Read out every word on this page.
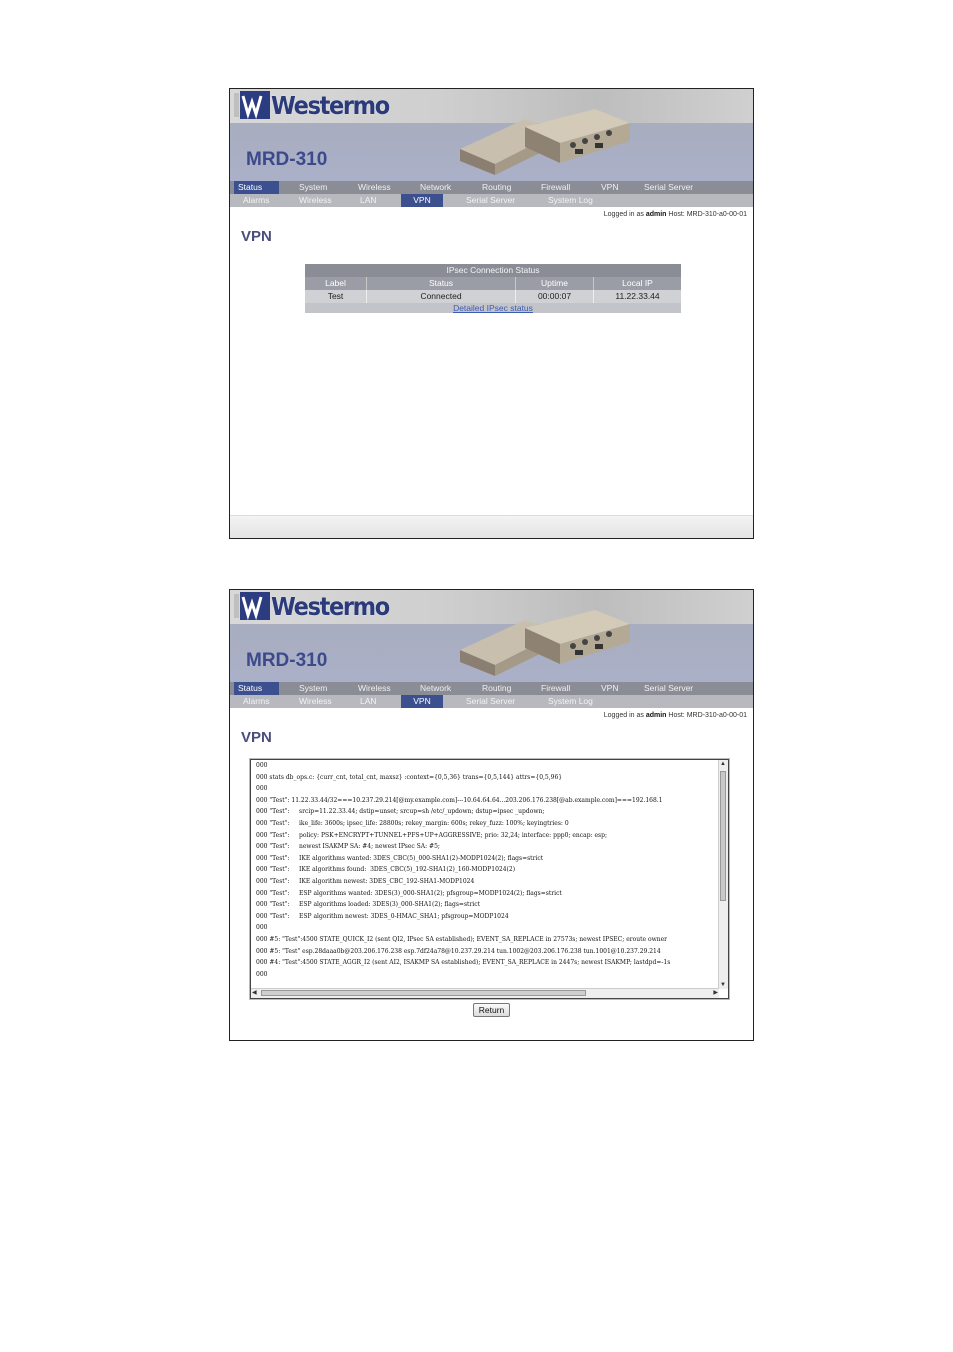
Westermo
MRD-310
Status	System	Wireless	Network	Routing	Firewall	VPN	Serial Server
Alarms	Wireless	LAN	VPN	Serial Server	System Log
Logged in as admin Host: MRD-310-a0-00-01
VPN
IPsec Connection Status
Label	Status	Uptime	Local IP
Test	Connected	00:00:07	11.22.33.44
Detailed IPsec status
Westermo
MRD-310
Status	System	Wireless	Network	Routing	Firewall	VPN	Serial Server
Alarms	Wireless	LAN	VPN	Serial Server	System Log
Logged in as admin Host: MRD-310-a0-00-01
VPN
000
000 stats db_ops.c: {curr_cnt, total_cnt, maxsz} :context={0,5,36} trans={0,5,144} attrs={0,5,96}
000
000 "Test": 11.22.33.44/32===10.237.29.214[@my.example.com]---10.64.64.64...203.206.176.238[@ab.example.com]===192.168.1
000 "Test":     srcip=11.22.33.44; dstip=unset; srcup=sh /etc/_updown; dstup=ipsec _updown;
000 "Test":     ike_life: 3600s; ipsec_life: 28800s; rekey_margin: 600s; rekey_fuzz: 100%; keyingtries: 0
000 "Test":     policy: PSK+ENCRYPT+TUNNEL+PFS+UP+AGGRESSIVE; prio: 32,24; interface: ppp0; encap: esp;
000 "Test":     newest ISAKMP SA: #4; newest IPsec SA: #5;
000 "Test":     IKE algorithms wanted: 3DES_CBC(5)_000-SHA1(2)-MODP1024(2); flags=strict
000 "Test":     IKE algorithms found:  3DES_CBC(5)_192-SHA1(2)_160-MODP1024(2)
000 "Test":     IKE algorithm newest: 3DES_CBC_192-SHA1-MODP1024
000 "Test":     ESP algorithms wanted: 3DES(3)_000-SHA1(2); pfsgroup=MODP1024(2); flags=strict
000 "Test":     ESP algorithms loaded: 3DES(3)_000-SHA1(2); flags=strict
000 "Test":     ESP algorithm newest: 3DES_0-HMAC_SHA1; pfsgroup=MODP1024
000
000 #5: "Test":4500 STATE_QUICK_I2 (sent QI2, IPsec SA established); EVENT_SA_REPLACE in 27573s; newest IPSEC; eroute owner
000 #5: "Test" esp.28daaa0b@203.206.176.238 esp.7df24a78@10.237.29.214 tun.1002@203.206.176.238 tun.1001@10.237.29.214
000 #4: "Test":4500 STATE_AGGR_I2 (sent AI2, ISAKMP SA established); EVENT_SA_REPLACE in 2447s; newest ISAKMP; lastdpd=-1s
000
▲
▼
◀	▶
Return
